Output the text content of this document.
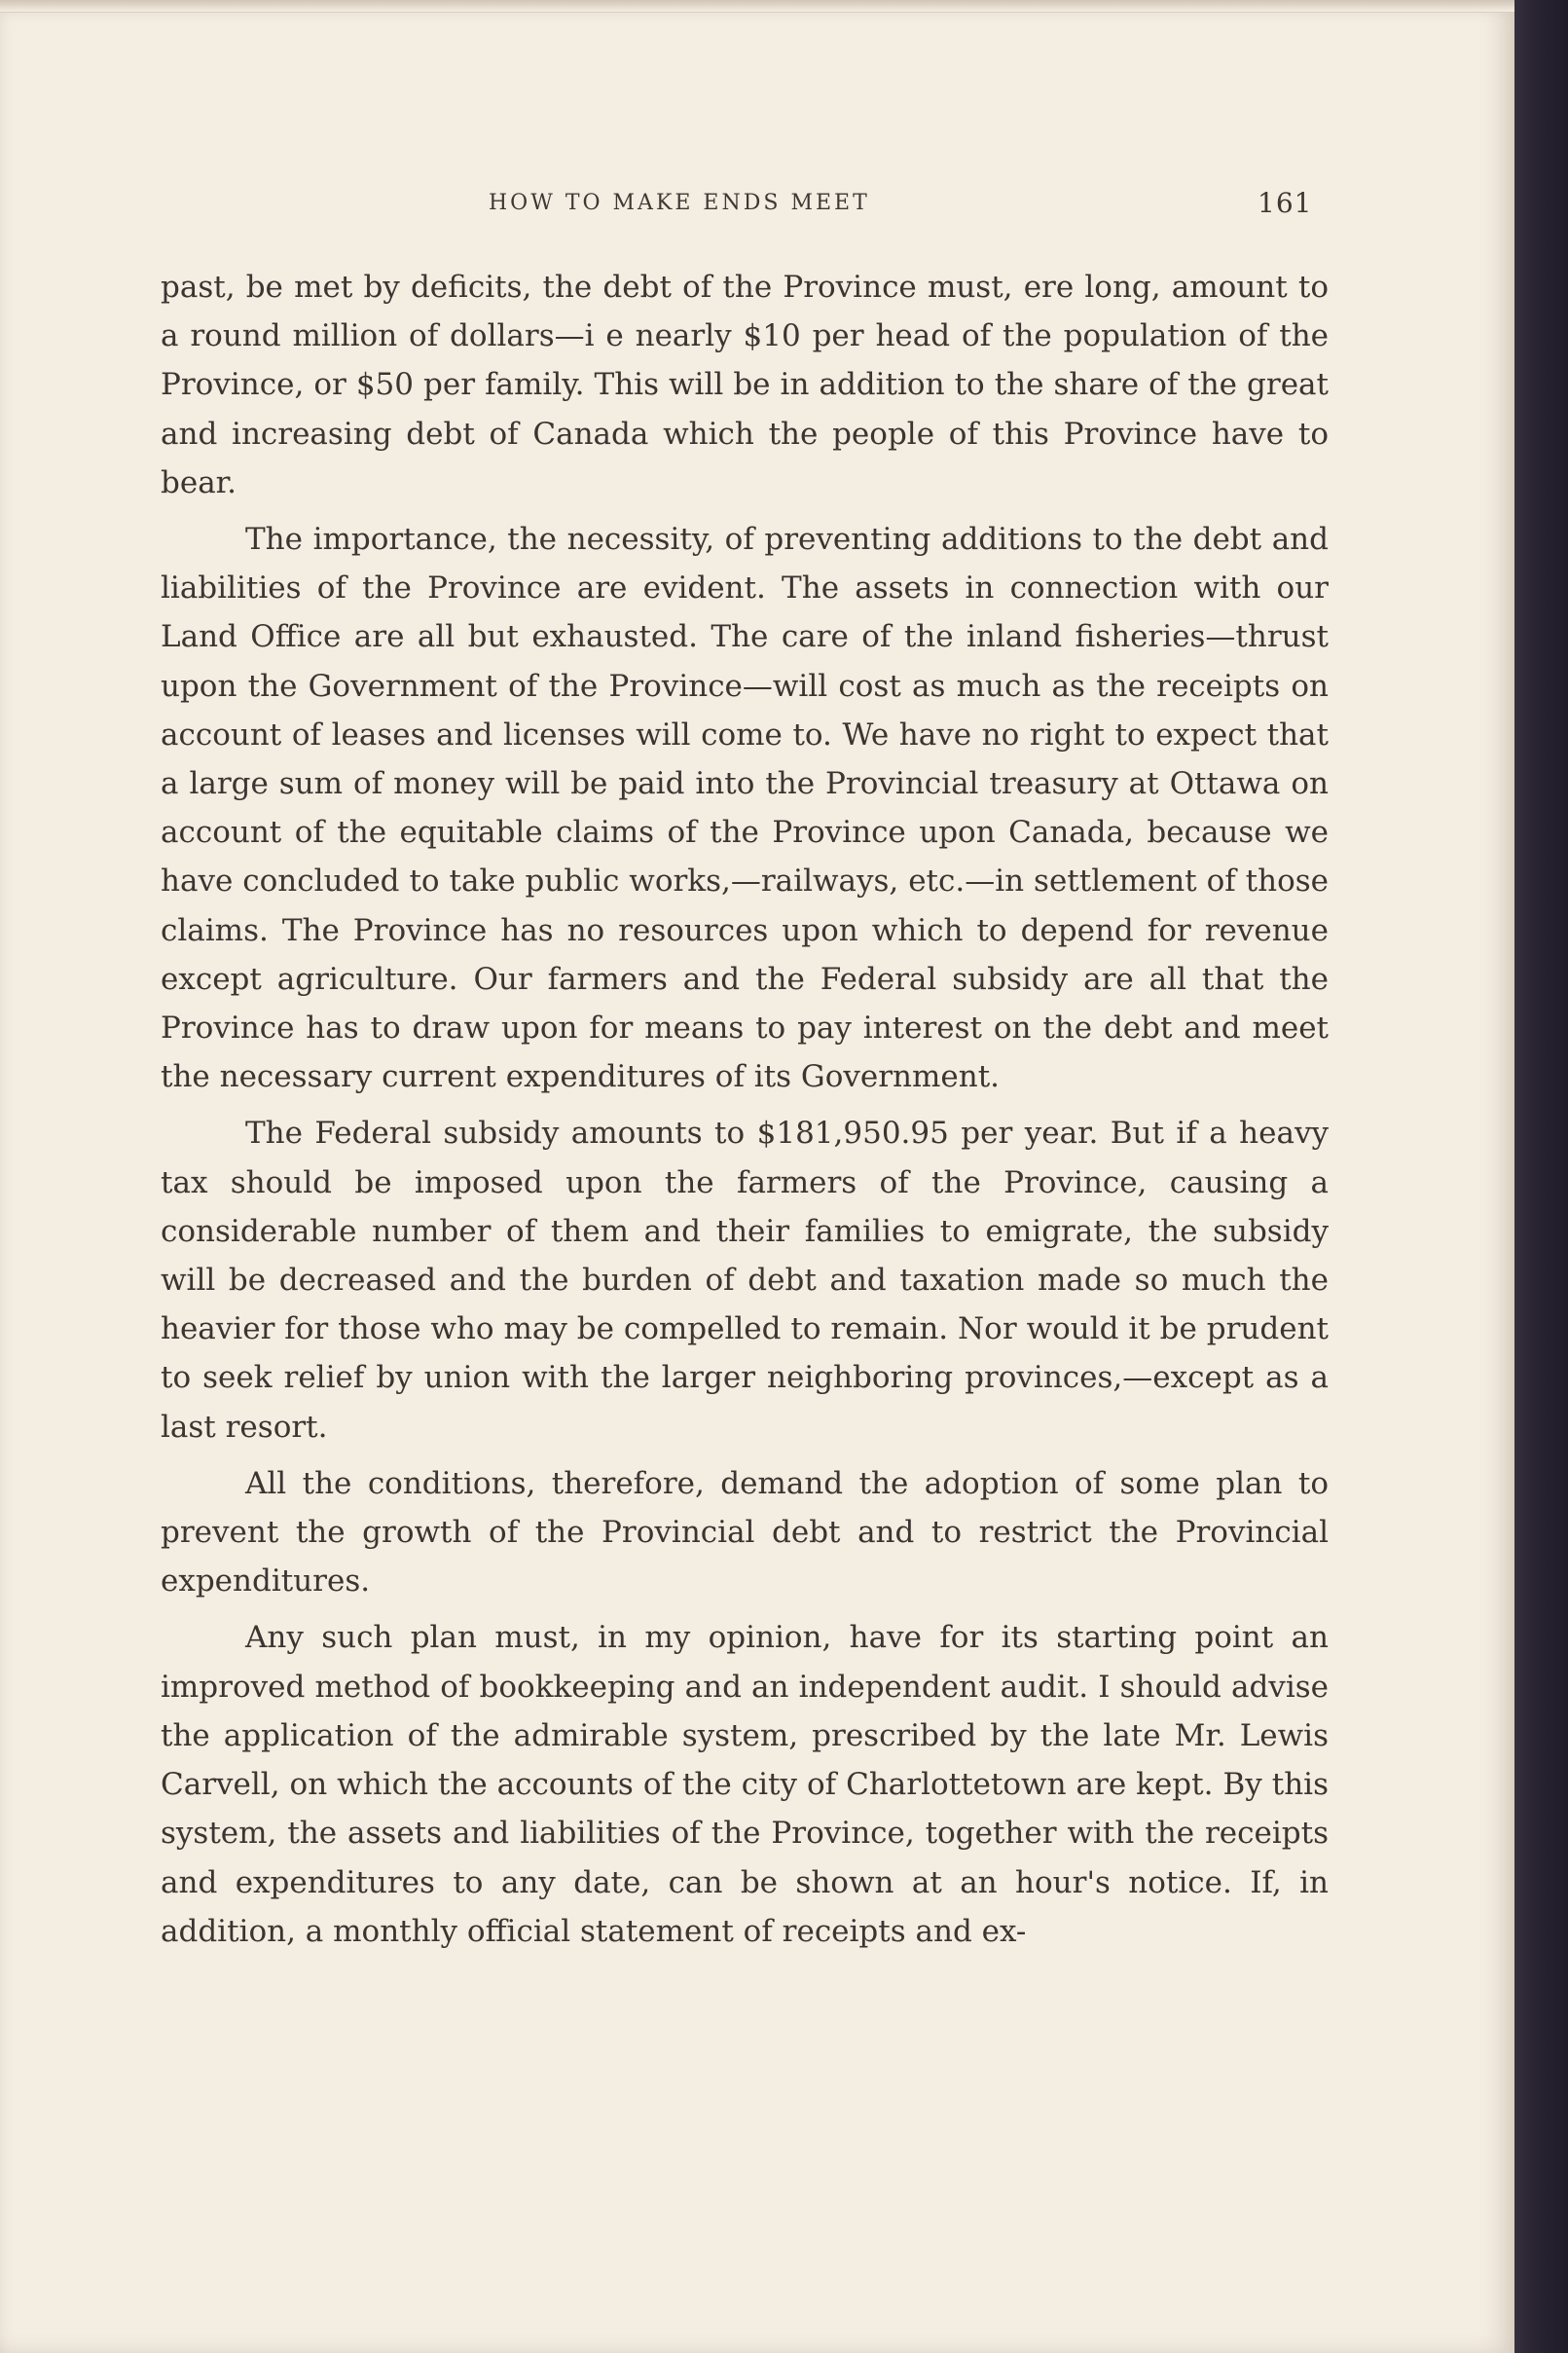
HOW TO MAKE ENDS MEET	161

past, be met by deficits, the debt of the Province must, ere long, amount to a round million of dollars—i e nearly $10 per head of the population of the Province, or $50 per family. This will be in addition to the share of the great and increasing debt of Canada which the people of this Province have to bear.

The importance, the necessity, of preventing additions to the debt and liabilities of the Province are evident. The assets in connection with our Land Office are all but exhausted. The care of the inland fisheries—thrust upon the Government of the Province—will cost as much as the receipts on account of leases and licenses will come to. We have no right to expect that a large sum of money will be paid into the Provincial treasury at Ottawa on account of the equitable claims of the Province upon Canada, because we have concluded to take public works,—railways, etc.—in settlement of those claims. The Province has no resources upon which to depend for revenue except agriculture. Our farmers and the Federal subsidy are all that the Province has to draw upon for means to pay interest on the debt and meet the necessary current expenditures of its Government.

The Federal subsidy amounts to $181,950.95 per year. But if a heavy tax should be imposed upon the farmers of the Province, causing a considerable number of them and their families to emigrate, the subsidy will be decreased and the burden of debt and taxation made so much the heavier for those who may be compelled to remain. Nor would it be prudent to seek relief by union with the larger neighboring provinces,—except as a last resort.

All the conditions, therefore, demand the adoption of some plan to prevent the growth of the Provincial debt and to restrict the Provincial expenditures.

Any such plan must, in my opinion, have for its starting point an improved method of bookkeeping and an independent audit. I should advise the application of the admirable system, prescribed by the late Mr. Lewis Carvell, on which the accounts of the city of Charlottetown are kept. By this system, the assets and liabilities of the Province, together with the receipts and expenditures to any date, can be shown at an hour's notice. If, in addition, a monthly official statement of receipts and ex-
